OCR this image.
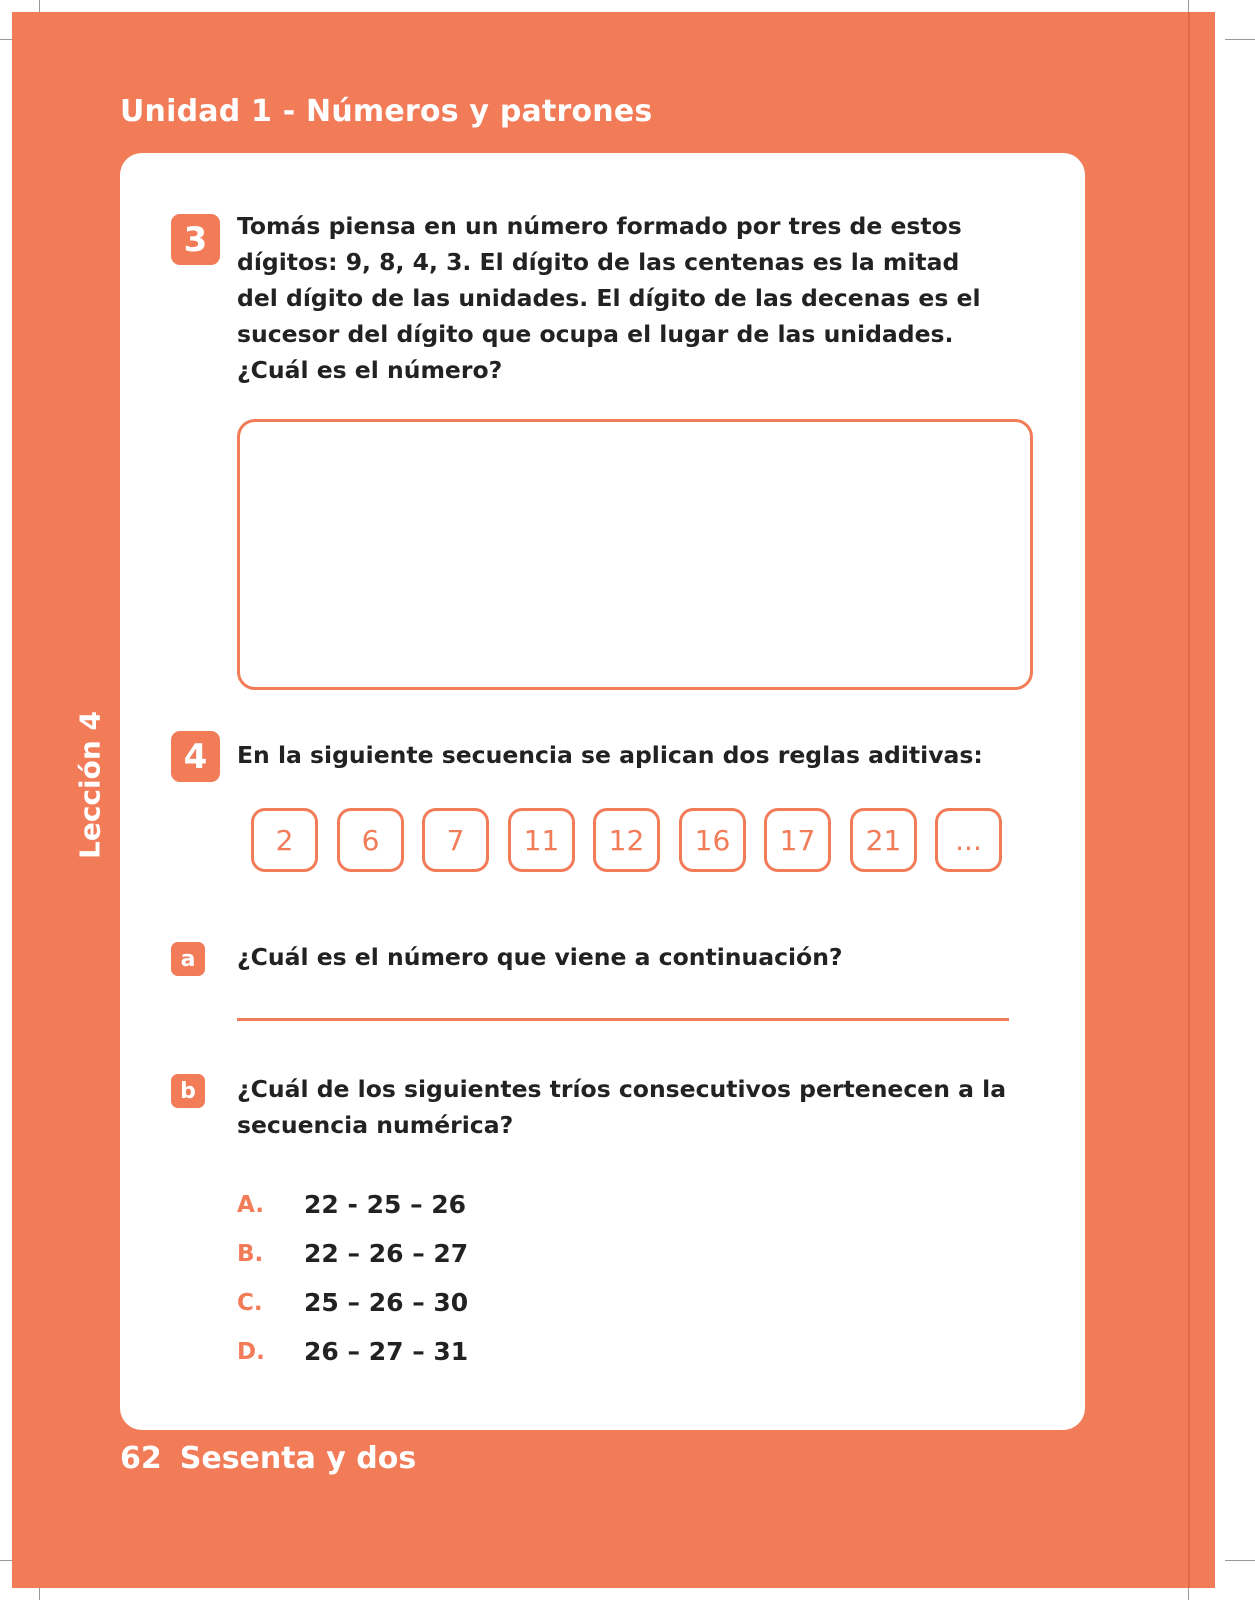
Unidad 1 - Números y patrones
Lección 4
3	Tomás piensa en un número formado por tres de estos
dígitos: 9, 8, 4, 3. El dígito de las centenas es la mitad
del dígito de las unidades. El dígito de las decenas es el
sucesor del dígito que ocupa el lugar de las unidades.
¿Cuál es el número?
4	En la siguiente secuencia se aplican dos reglas aditivas:
2	6	7	11	12	16	17	21	...
a	¿Cuál es el número que viene a continuación?
b	¿Cuál de los siguientes tríos consecutivos pertenecen a la
secuencia numérica?
A.	22 - 25 – 26
B.	22 – 26 – 27
C.	25 – 26 – 30
D.	26 – 27 – 31
62 Sesenta y dos
